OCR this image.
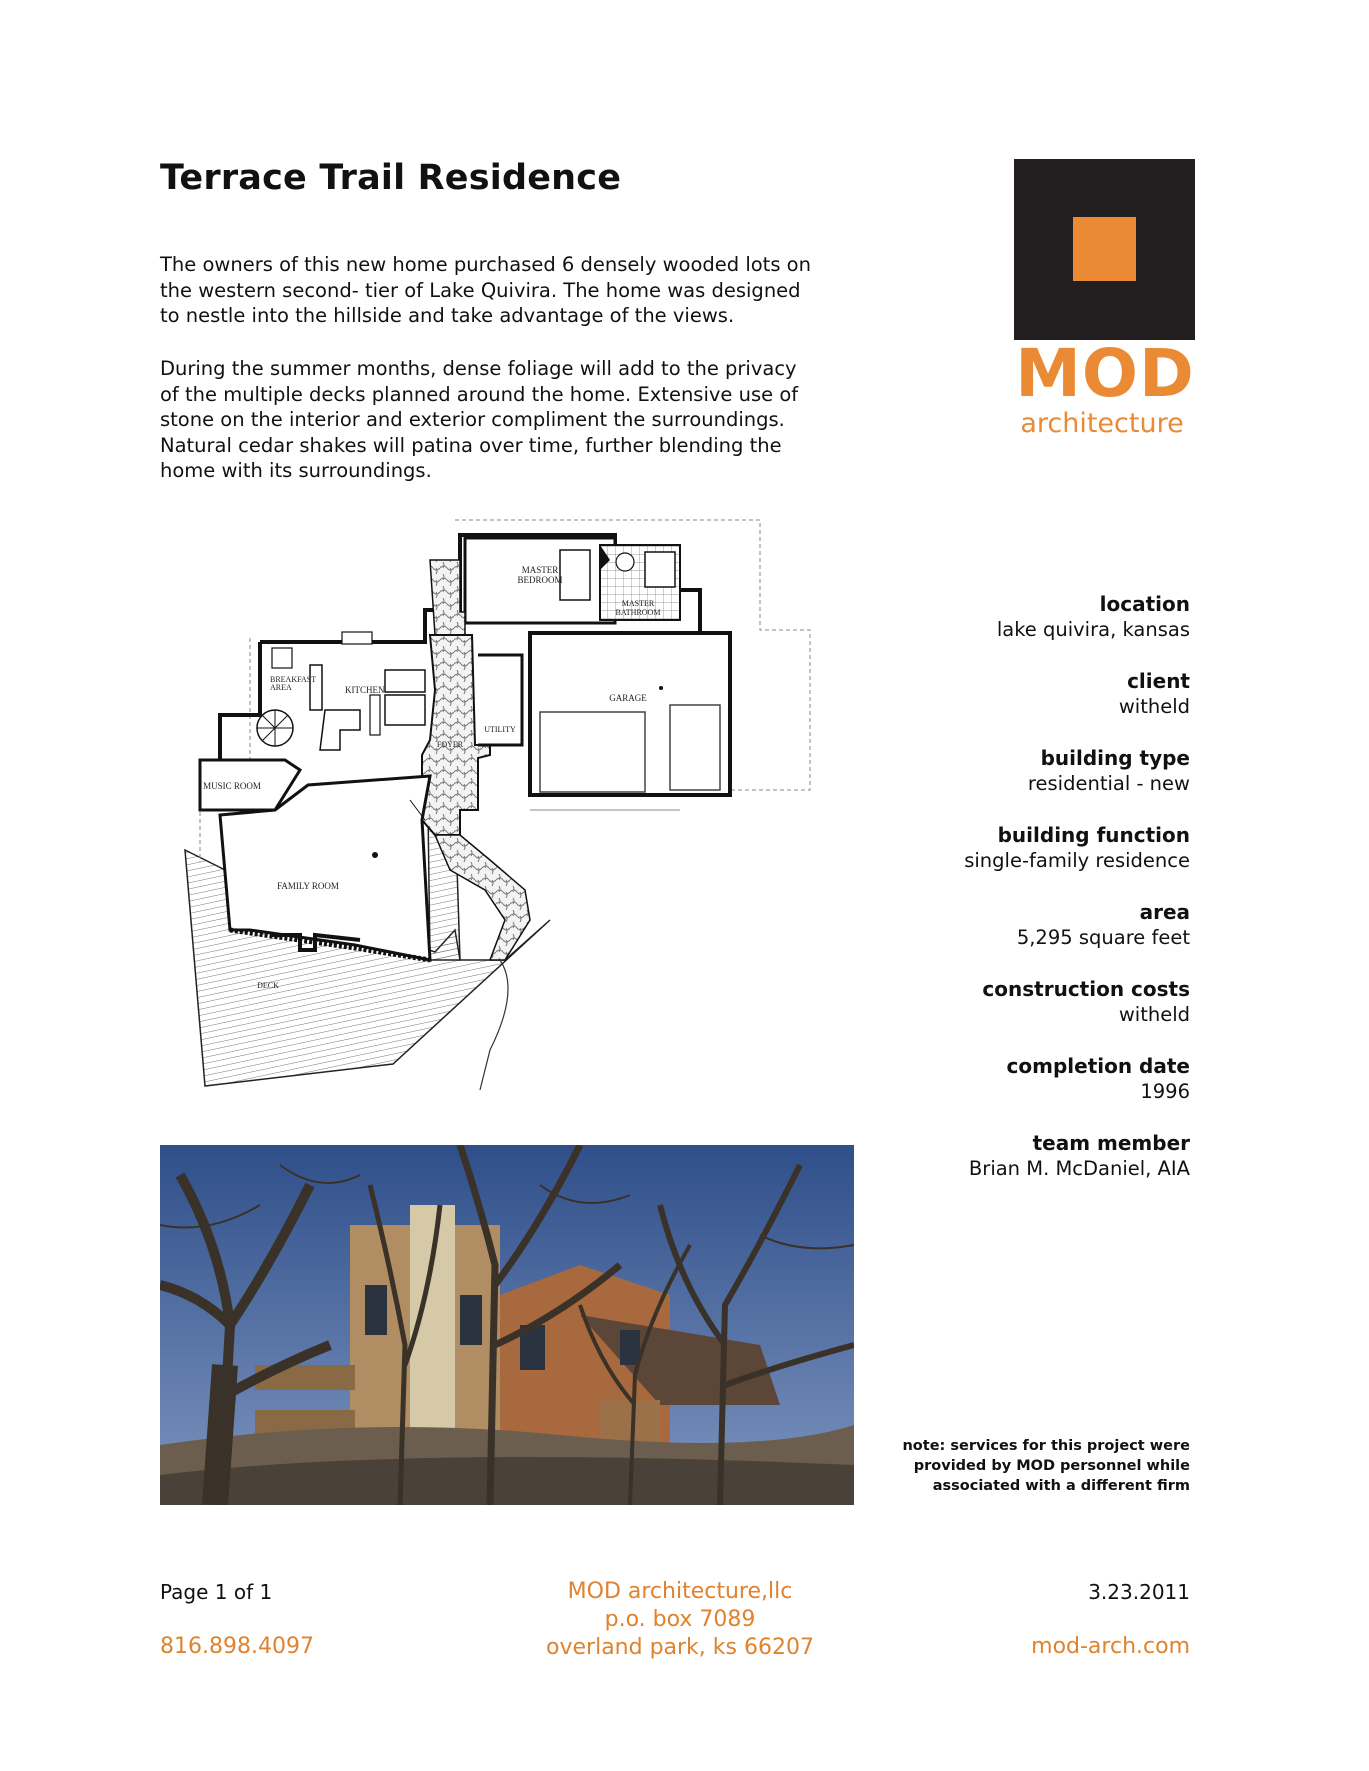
Terrace Trail Residence
The owners of this new home purchased 6 densely wooded lots on
the western second- tier of Lake Quivira. The home was designed
to nestle into the hillside and take advantage of the views.
During the summer months, dense foliage will add to the privacy
of the multiple decks planned around the home. Extensive use of
stone on the interior and exterior compliment the surroundings.
Natural cedar shakes will patina over time, further blending the
home with its surroundings.
MOD
architecture
MASTER
BEDROOM
MASTER
BATHROOM
BREAKFAST
AREA	KITCHEN
GARAGE
UTILITY
FOYER
MUSIC ROOM
FAMILY ROOM
DECK
location
lake quivira, kansas
client
witheld
building type
residential - new
building function
single-family residence
area
5,295 square feet
construction costs
witheld
completion date
1996
team member
Brian M. McDaniel, AIA
note: services for this project were
provided by MOD personnel while
associated with a different firm
Page 1 of 1
816.898.4097
MOD architecture,llc
p.o. box 7089
overland park, ks 66207
3.23.2011
mod-arch.com
